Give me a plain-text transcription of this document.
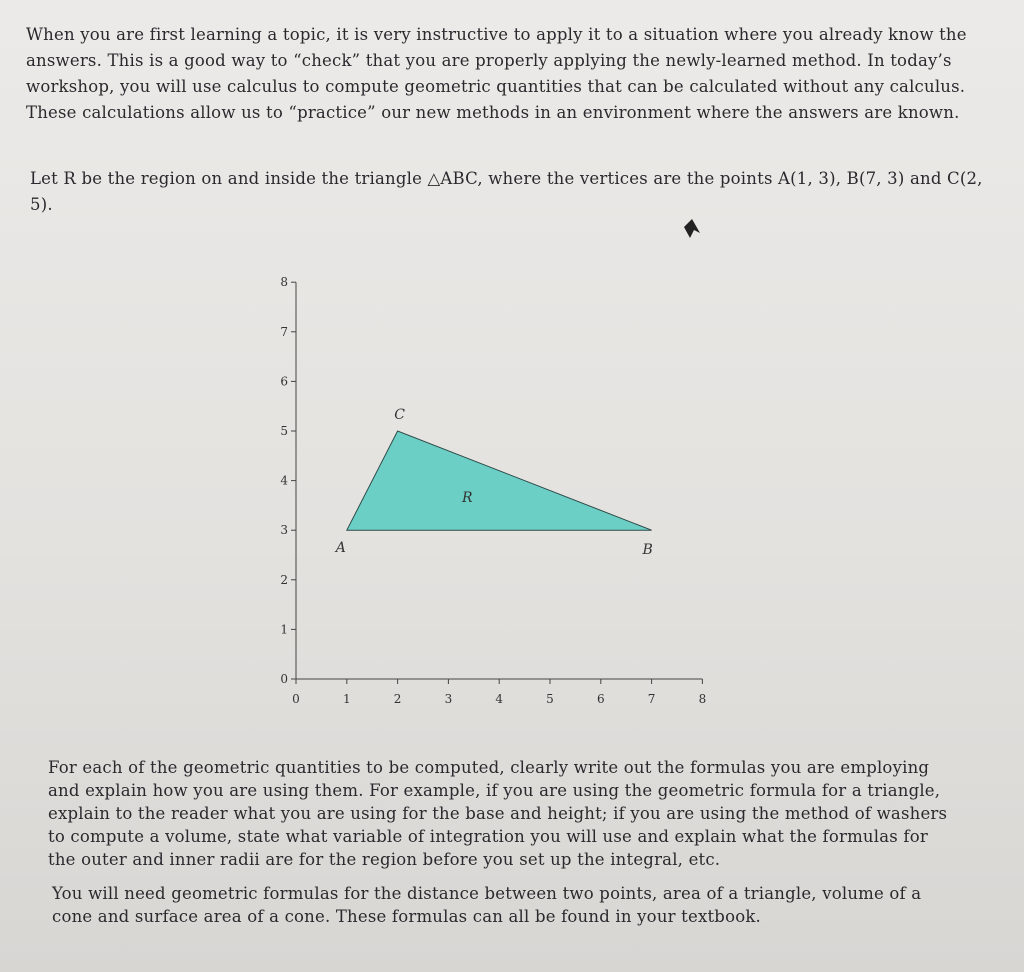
When you are first learning a topic, it is very instructive to apply it to a situation where you already know the answers. This is a good way to “check” that you are properly applying the newly-learned method. In today’s workshop, you will use calculus to compute geometric quantities that can be calculated without any calculus. These calculations allow us to “practice” our new methods in an environment where the answers are known.

Let R be the region on and inside the triangle △ABC, where the vertices are the points A(1, 3), B(7, 3) and C(2, 5).

0	1	2	3	4	5	6	7	8
0
1
2
3
4
5
6
7
8
R
A	B
C

For each of the geometric quantities to be computed, clearly write out the formulas you are employing and explain how you are using them. For example, if you are using the geometric formula for a triangle, explain to the reader what you are using for the base and height; if you are using the method of washers to compute a volume, state what variable of integration you will use and explain what the formulas for the outer and inner radii are for the region before you set up the integral, etc.

You will need geometric formulas for the distance between two points, area of a triangle, volume of a cone and surface area of a cone. These formulas can all be found in your textbook.
